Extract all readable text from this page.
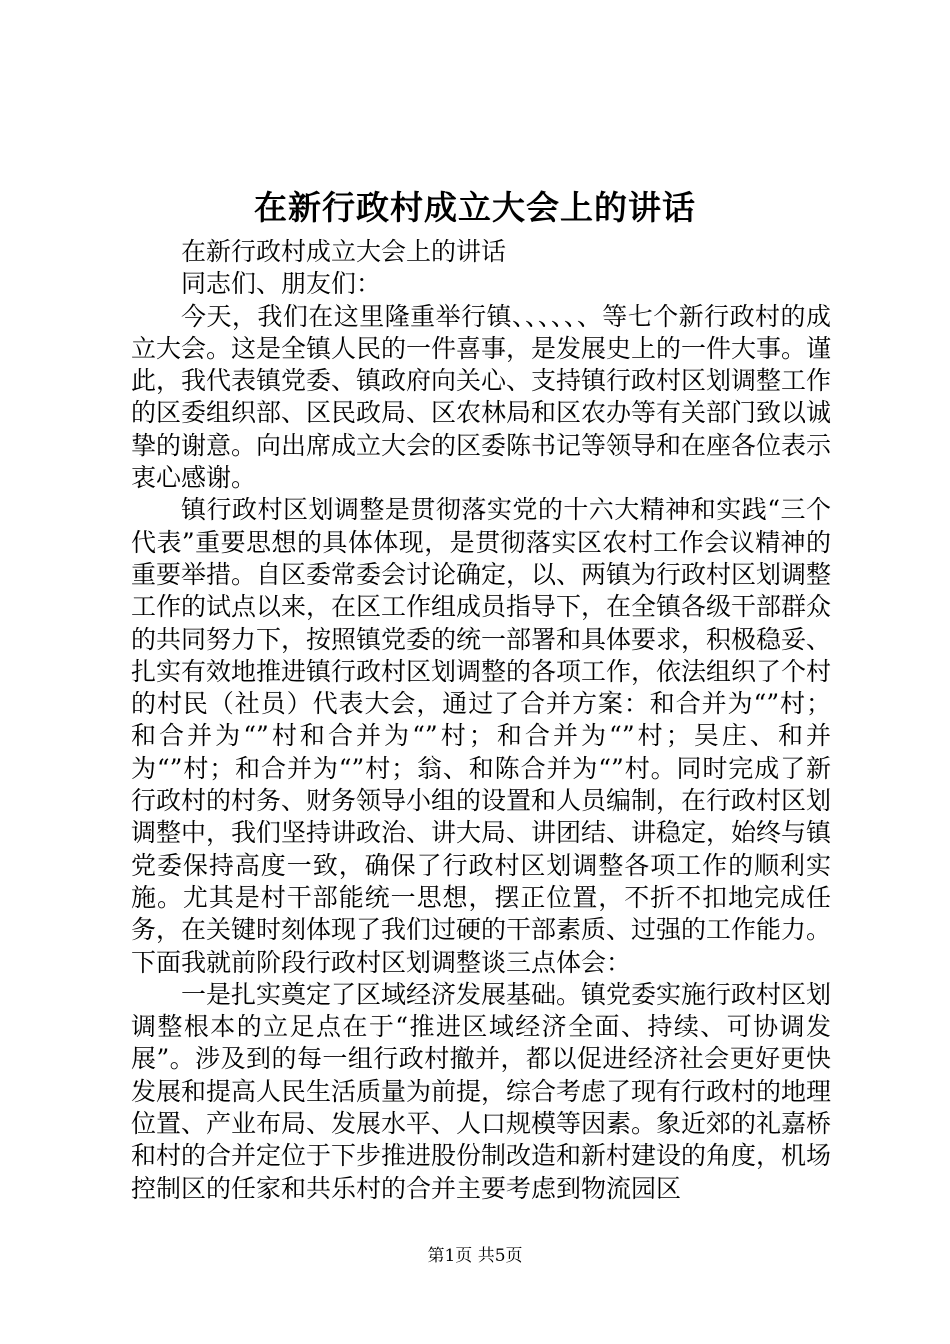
在新行政村成立大会上的讲话

在新行政村成立大会上的讲话

同志们、朋友们：

今天，我们在这里隆重举行镇、、、、、、等七个新行政村的成立大会。这是全镇人民的一件喜事，是发展史上的一件大事。谨此，我代表镇党委、镇政府向关心、支持镇行政村区划调整工作的区委组织部、区民政局、区农林局和区农办等有关部门致以诚挚的谢意。向出席成立大会的区委陈书记等领导和在座各位表示衷心感谢。

镇行政村区划调整是贯彻落实党的十六大精神和实践“三个代表”重要思想的具体体现，是贯彻落实区农村工作会议精神的重要举措。自区委常委会讨论确定，以、两镇为行政村区划调整工作的试点以来，在区工作组成员指导下，在全镇各级干部群众的共同努力下，按照镇党委的统一部署和具体要求，积极稳妥、扎实有效地推进镇行政村区划调整的各项工作，依法组织了个村的村民（社员）代表大会，通过了合并方案：和合并为“”村；和合并为“”村和合并为“”村；和合并为“”村；吴庄、和并为“”村；和合并为“”村；翁、和陈合并为“”村。同时完成了新行政村的村务、财务领导小组的设置和人员编制，在行政村区划调整中，我们坚持讲政治、讲大局、讲团结、讲稳定，始终与镇党委保持高度一致，确保了行政村区划调整各项工作的顺利实施。尤其是村干部能统一思想，摆正位置，不折不扣地完成任务，在关键时刻体现了我们过硬的干部素质、过强的工作能力。下面我就前阶段行政村区划调整谈三点体会：

一是扎实奠定了区域经济发展基础。镇党委实施行政村区划调整根本的立足点在于“推进区域经济全面、持续、可协调发展”。涉及到的每一组行政村撤并，都以促进经济社会更好更快发展和提高人民生活质量为前提，综合考虑了现有行政村的地理位置、产业布局、发展水平、人口规模等因素。象近郊的礼嘉桥和村的合并定位于下步推进股份制改造和新村建设的角度，机场控制区的任家和共乐村的合并主要考虑到物流园区

第1页 共5页
